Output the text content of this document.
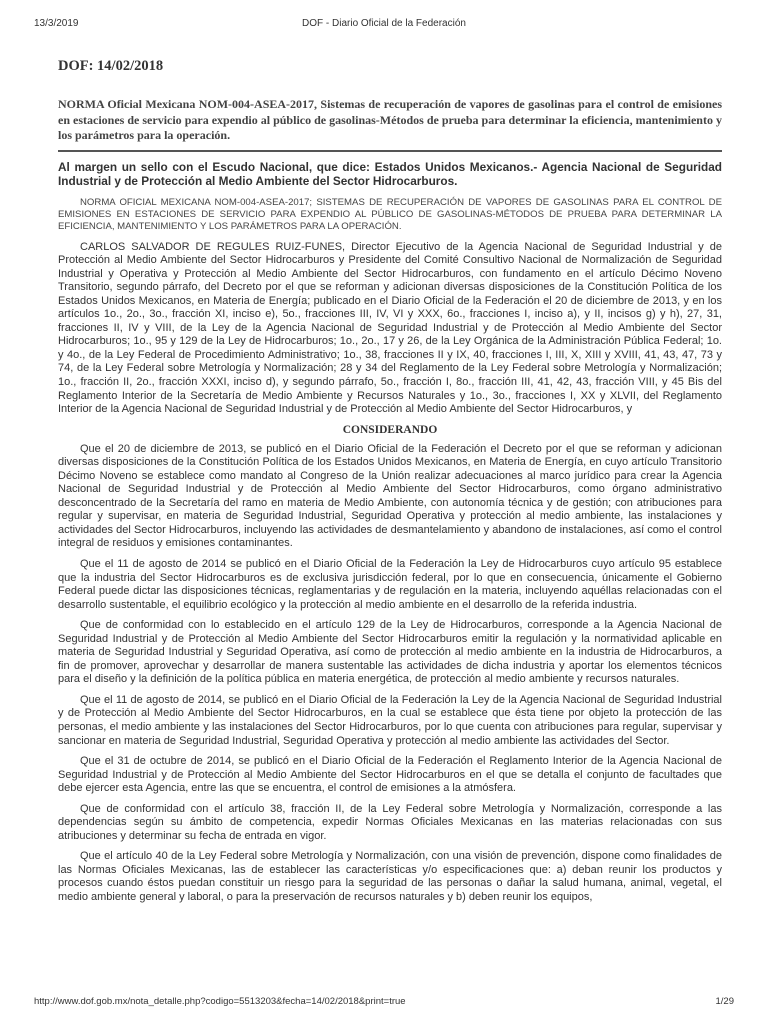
13/3/2019	DOF - Diario Oficial de la Federación
DOF: 14/02/2018

NORMA Oficial Mexicana NOM-004-ASEA-2017, Sistemas de recuperación de vapores de gasolinas para el control de emisiones en estaciones de servicio para expendio al público de gasolinas-Métodos de prueba para determinar la eficiencia, mantenimiento y los parámetros para la operación.

Al margen un sello con el Escudo Nacional, que dice: Estados Unidos Mexicanos.- Agencia Nacional de Seguridad Industrial y de Protección al Medio Ambiente del Sector Hidrocarburos.

NORMA OFICIAL MEXICANA NOM-004-ASEA-2017; SISTEMAS DE RECUPERACIÓN DE VAPORES DE GASOLINAS PARA EL CONTROL DE EMISIONES EN ESTACIONES DE SERVICIO PARA EXPENDIO AL PÚBLICO DE GASOLINAS-MÉTODOS DE PRUEBA PARA DETERMINAR LA EFICIENCIA, MANTENIMIENTO Y LOS PARÁMETROS PARA LA OPERACIÓN.

CARLOS SALVADOR DE REGULES RUIZ-FUNES, Director Ejecutivo de la Agencia Nacional de Seguridad Industrial y de Protección al Medio Ambiente del Sector Hidrocarburos y Presidente del Comité Consultivo Nacional de Normalización de Seguridad Industrial y Operativa y Protección al Medio Ambiente del Sector Hidrocarburos, con fundamento en el artículo Décimo Noveno Transitorio, segundo párrafo, del Decreto por el que se reforman y adicionan diversas disposiciones de la Constitución Política de los Estados Unidos Mexicanos, en Materia de Energía; publicado en el Diario Oficial de la Federación el 20 de diciembre de 2013, y en los artículos 1o., 2o., 3o., fracción XI, inciso e), 5o., fracciones III, IV, VI y XXX, 6o., fracciones I, inciso a), y II, incisos g) y h), 27, 31, fracciones II, IV y VIII, de la Ley de la Agencia Nacional de Seguridad Industrial y de Protección al Medio Ambiente del Sector Hidrocarburos; 1o., 95 y 129 de la Ley de Hidrocarburos; 1o., 2o., 17 y 26, de la Ley Orgánica de la Administración Pública Federal; 1o. y 4o., de la Ley Federal de Procedimiento Administrativo; 1o., 38, fracciones II y IX, 40, fracciones I, III, X, XIII y XVIII, 41, 43, 47, 73 y 74, de la Ley Federal sobre Metrología y Normalización; 28 y 34 del Reglamento de la Ley Federal sobre Metrología y Normalización; 1o., fracción II, 2o., fracción XXXI, inciso d), y segundo párrafo, 5o., fracción I, 8o., fracción III, 41, 42, 43, fracción VIII, y 45 Bis del Reglamento Interior de la Secretaría de Medio Ambiente y Recursos Naturales y 1o., 3o., fracciones I, XX y XLVII, del Reglamento Interior de la Agencia Nacional de Seguridad Industrial y de Protección al Medio Ambiente del Sector Hidrocarburos, y

CONSIDERANDO

Que el 20 de diciembre de 2013, se publicó en el Diario Oficial de la Federación el Decreto por el que se reforman y adicionan diversas disposiciones de la Constitución Política de los Estados Unidos Mexicanos, en Materia de Energía, en cuyo artículo Transitorio Décimo Noveno se establece como mandato al Congreso de la Unión realizar adecuaciones al marco jurídico para crear la Agencia Nacional de Seguridad Industrial y de Protección al Medio Ambiente del Sector Hidrocarburos, como órgano administrativo desconcentrado de la Secretaría del ramo en materia de Medio Ambiente, con autonomía técnica y de gestión; con atribuciones para regular y supervisar, en materia de Seguridad Industrial, Seguridad Operativa y protección al medio ambiente, las instalaciones y actividades del Sector Hidrocarburos, incluyendo las actividades de desmantelamiento y abandono de instalaciones, así como el control integral de residuos y emisiones contaminantes.

Que el 11 de agosto de 2014 se publicó en el Diario Oficial de la Federación la Ley de Hidrocarburos cuyo artículo 95 establece que la industria del Sector Hidrocarburos es de exclusiva jurisdicción federal, por lo que en consecuencia, únicamente el Gobierno Federal puede dictar las disposiciones técnicas, reglamentarias y de regulación en la materia, incluyendo aquéllas relacionadas con el desarrollo sustentable, el equilibrio ecológico y la protección al medio ambiente en el desarrollo de la referida industria.

Que de conformidad con lo establecido en el artículo 129 de la Ley de Hidrocarburos, corresponde a la Agencia Nacional de Seguridad Industrial y de Protección al Medio Ambiente del Sector Hidrocarburos emitir la regulación y la normatividad aplicable en materia de Seguridad Industrial y Seguridad Operativa, así como de protección al medio ambiente en la industria de Hidrocarburos, a fin de promover, aprovechar y desarrollar de manera sustentable las actividades de dicha industria y aportar los elementos técnicos para el diseño y la definición de la política pública en materia energética, de protección al medio ambiente y recursos naturales.

Que el 11 de agosto de 2014, se publicó en el Diario Oficial de la Federación la Ley de la Agencia Nacional de Seguridad Industrial y de Protección al Medio Ambiente del Sector Hidrocarburos, en la cual se establece que ésta tiene por objeto la protección de las personas, el medio ambiente y las instalaciones del Sector Hidrocarburos, por lo que cuenta con atribuciones para regular, supervisar y sancionar en materia de Seguridad Industrial, Seguridad Operativa y protección al medio ambiente las actividades del Sector.

Que el 31 de octubre de 2014, se publicó en el Diario Oficial de la Federación el Reglamento Interior de la Agencia Nacional de Seguridad Industrial y de Protección al Medio Ambiente del Sector Hidrocarburos en el que se detalla el conjunto de facultades que debe ejercer esta Agencia, entre las que se encuentra, el control de emisiones a la atmósfera.

Que de conformidad con el artículo 38, fracción II, de la Ley Federal sobre Metrología y Normalización, corresponde a las dependencias según su ámbito de competencia, expedir Normas Oficiales Mexicanas en las materias relacionadas con sus atribuciones y determinar su fecha de entrada en vigor.

Que el artículo 40 de la Ley Federal sobre Metrología y Normalización, con una visión de prevención, dispone como finalidades de las Normas Oficiales Mexicanas, las de establecer las características y/o especificaciones que: a) deban reunir los productos y procesos cuando éstos puedan constituir un riesgo para la seguridad de las personas o dañar la salud humana, animal, vegetal, el medio ambiente general y laboral, o para la preservación de recursos naturales y b) deben reunir los equipos,

http://www.dof.gob.mx/nota_detalle.php?codigo=5513203&fecha=14/02/2018&print=true	1/29
